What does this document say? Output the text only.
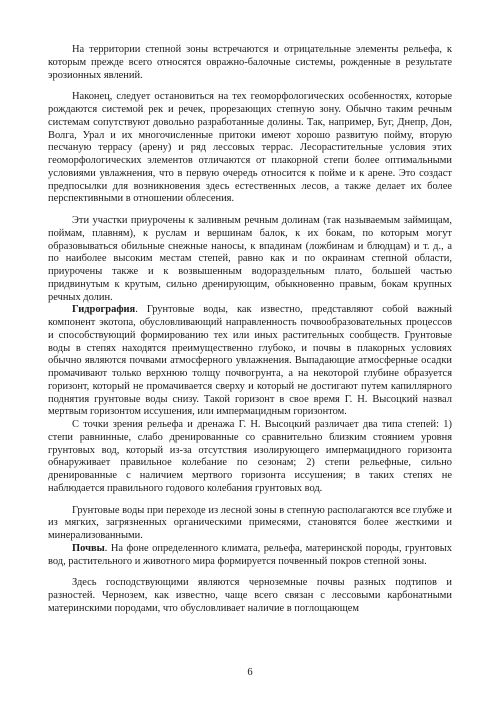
На территории степной зоны встречаются и отрицательные элементы рельефа, к которым прежде всего относятся овражно-балочные системы, рожденные в результате эрозионных явлений.

Наконец, следует остановиться на тех геоморфологических особенностях, которые рождаются системой рек и речек, прорезающих степную зону. Обычно таким речным системам сопутствуют довольно разработанные долины. Так, например, Буг, Днепр, Дон, Волга, Урал и их многочисленные притоки имеют хорошо развитую пойму, вторую песчаную террасу (арену) и ряд лессовых террас. Лесорастительные условия этих геоморфологических элементов отличаются от плакорной степи более оптимальными условиями увлажнения, что в первую очередь относится к пойме и к арене. Это создаст предпосылки для возникновения здесь естественных лесов, а также делает их более перспективными в отношении облесения.

Эти участки приурочены к заливным речным долинам (так называемым займищам, поймам, плавням), к руслам и вершинам балок, к их бокам, по которым могут образовываться обильные снежные наносы, к впадинам (ложбинам и блюдцам) и т. д., а по наиболее высоким местам степей, равно как и по окраинам степной области, приурочены также и к возвышенным водораздельным плато, большей частью придвинутым к крутым, сильно дренирующим, обыкновенно правым, бокам крупных речных долин.

Гидрография. Грунтовые воды, как известно, представляют собой важный компонент экотопа, обусловливающий направленность почвообразовательных процессов и способствующий формированию тех или иных растительных сообществ. Грунтовые воды в степях находятся преимущественно глубоко, и почвы в плакорных условиях обычно являются почвами атмосферного увлажнения. Выпадающие атмосферные осадки промачивают только верхнюю толщу почвогрунта, а на некоторой глубине образуется горизонт, который не промачивается сверху и который не достигают путем капиллярного поднятия грунтовые воды снизу. Такой горизонт в свое время Г. Н. Высоцкий назвал мертвым горизонтом иссушения, или импермацидным горизонтом.

С точки зрения рельефа и дренажа Г. Н. Высоцкий различает два типа степей: 1) степи равнинные, слабо дренированные со сравнительно близким стоянием уровня грунтовых вод, который из-за отсутствия изолирующего импермацидного горизонта обнаруживает правильное колебание по сезонам; 2) степи рельефные, сильно дренированные с наличием мертвого горизонта иссушения; в таких степях не наблюдается правильного годового колебания грунтовых вод.

Грунтовые воды при переходе из лесной зоны в степную располагаются все глубже и из мягких, загрязненных органическими примесями, становятся более жесткими и минерализованными.

Почвы. На фоне определенного климата, рельефа, материнской породы, грунтовых вод, растительного и животного мира формируется почвенный покров степной зоны.

Здесь господствующими являются черноземные почвы разных подтипов и разностей. Чернозем, как известно, чаще всего связан с лессовыми карбонатными материнскими породами, что обусловливает наличие в поглощающем

6
